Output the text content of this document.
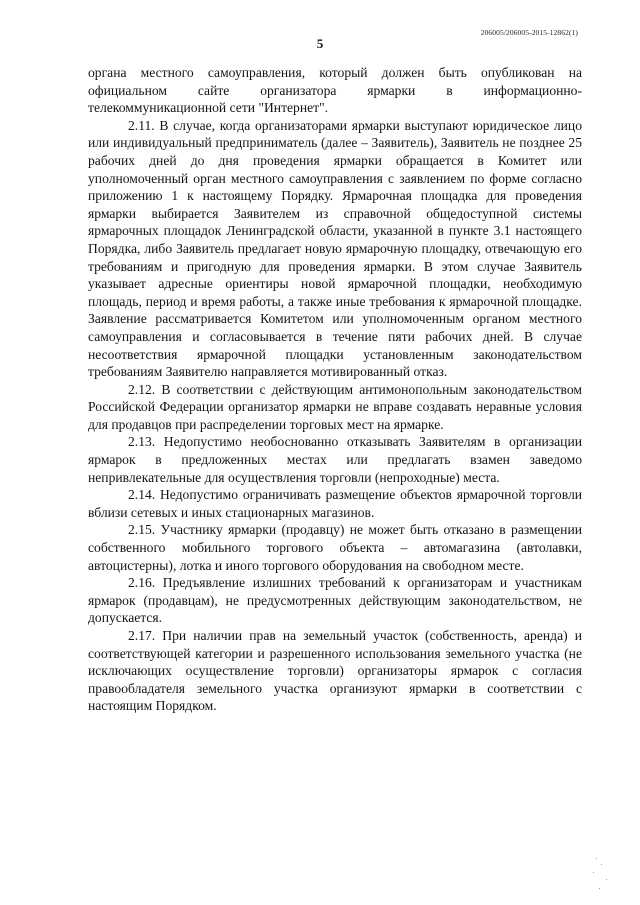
206005/206005-2015-12862(1)
5

органа местного самоуправления, который должен быть опубликован на официальном сайте организатора ярмарки в информационно-телекоммуникационной сети "Интернет".

2.11. В случае, когда организаторами ярмарки выступают юридическое лицо или индивидуальный предприниматель (далее – Заявитель), Заявитель не позднее 25 рабочих дней до дня проведения ярмарки обращается в Комитет или уполномоченный орган местного самоуправления с заявлением по форме согласно приложению 1 к настоящему Порядку. Ярмарочная площадка для проведения ярмарки выбирается Заявителем из справочной общедоступной системы ярмарочных площадок Ленинградской области, указанной в пункте 3.1 настоящего Порядка, либо Заявитель предлагает новую ярмарочную площадку, отвечающую его требованиям и пригодную для проведения ярмарки. В этом случае Заявитель указывает адресные ориентиры новой ярмарочной площадки, необходимую площадь, период и время работы, а также иные требования к ярмарочной площадке. Заявление рассматривается Комитетом или уполномоченным органом местного самоуправления и согласовывается в течение пяти рабочих дней. В случае несоответствия ярмарочной площадки установленным законодательством требованиям Заявителю направляется мотивированный отказ.

2.12. В соответствии с действующим антимонопольным законодательством Российской Федерации организатор ярмарки не вправе создавать неравные условия для продавцов при распределении торговых мест на ярмарке.

2.13. Недопустимо необоснованно отказывать Заявителям в организации ярмарок в предложенных местах или предлагать взамен заведомо непривлекательные для осуществления торговли (непроходные) места.

2.14. Недопустимо ограничивать размещение объектов ярмарочной торговли вблизи сетевых и иных стационарных магазинов.

2.15. Участнику ярмарки (продавцу) не может быть отказано в размещении собственного мобильного торгового объекта – автомагазина (автолавки, автоцистерны), лотка и иного торгового оборудования на свободном месте.

2.16. Предъявление излишних требований к организаторам и участникам ярмарок (продавцам), не предусмотренных действующим законодательством, не допускается.

2.17. При наличии прав на земельный участок (собственность, аренда) и соответствующей категории и разрешенного использования земельного участка (не исключающих осуществление торговли) организаторы ярмарок с согласия правообладателя земельного участка организуют ярмарки в соответствии с настоящим Порядком.
